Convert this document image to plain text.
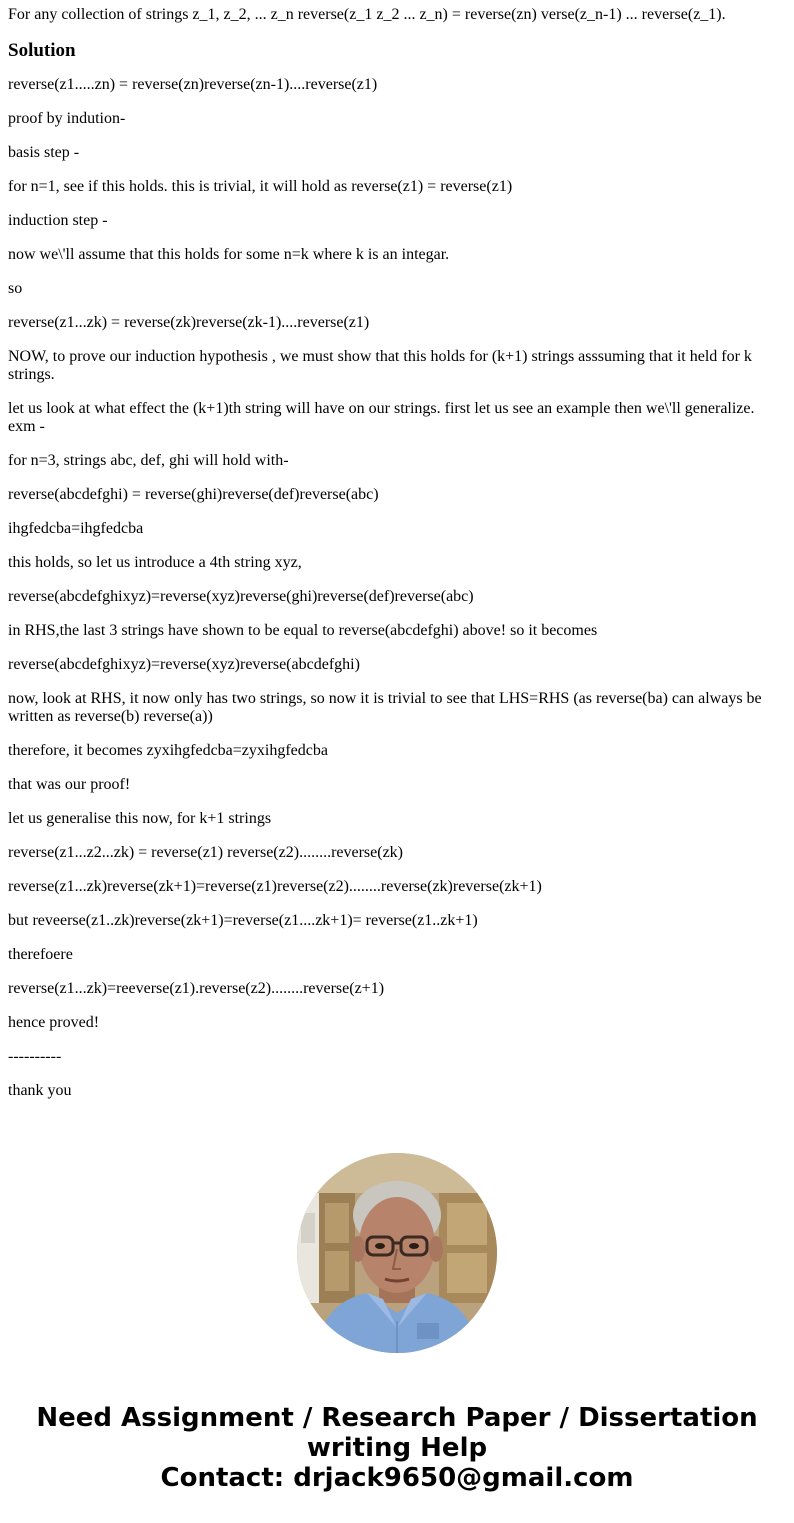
For any collection of strings z_1, z_2, ... z_n reverse(z_1 z_2 ... z_n) = reverse(zn) verse(z_n-1) ... reverse(z_1).

Solution

reverse(z1.....zn) = reverse(zn)reverse(zn-1)....reverse(z1)

proof by indution-

basis step -

for n=1, see if this holds. this is trivial, it will hold as reverse(z1) = reverse(z1)

induction step -

now we\'ll assume that this holds for some n=k where k is an integar.

so

reverse(z1...zk) = reverse(zk)reverse(zk-1)....reverse(z1)

NOW, to prove our induction hypothesis , we must show that this holds for (k+1) strings asssuming that it held for k strings.

let us look at what effect the (k+1)th string will have on our strings. first let us see an example then we\'ll generalize. exm -

for n=3, strings abc, def, ghi will hold with-

reverse(abcdefghi) = reverse(ghi)reverse(def)reverse(abc)

ihgfedcba=ihgfedcba

this holds, so let us introduce a 4th string xyz,

reverse(abcdefghixyz)=reverse(xyz)reverse(ghi)reverse(def)reverse(abc)

in RHS,the last 3 strings have shown to be equal to reverse(abcdefghi) above! so it becomes

reverse(abcdefghixyz)=reverse(xyz)reverse(abcdefghi)

now, look at RHS, it now only has two strings, so now it is trivial to see that LHS=RHS (as reverse(ba) can always be written as reverse(b) reverse(a))

therefore, it becomes zyxihgfedcba=zyxihgfedcba

that was our proof!

let us generalise this now, for k+1 strings

reverse(z1...z2...zk) = reverse(z1) reverse(z2)........reverse(zk)

reverse(z1...zk)reverse(zk+1)=reverse(z1)reverse(z2)........reverse(zk)reverse(zk+1)

but reveerse(z1..zk)reverse(zk+1)=reverse(z1....zk+1)= reverse(z1..zk+1)

therefoere

reverse(z1...zk)=reeverse(z1).reverse(z2)........reverse(z+1)

hence proved!

----------

thank you

Need Assignment / Research Paper / Dissertation
writing Help
Contact: drjack9650@gmail.com
